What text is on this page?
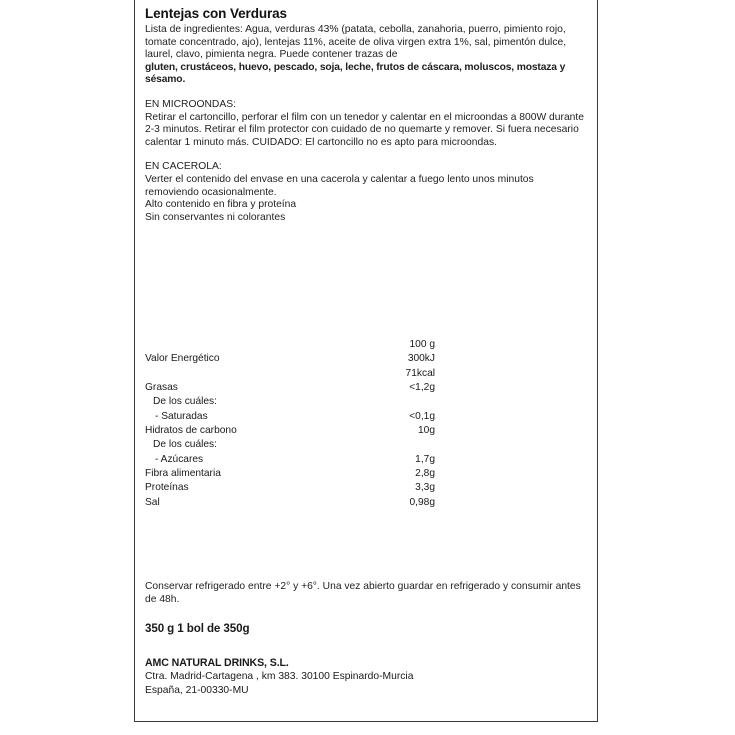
Lentejas con Verduras
Lista de ingredientes: Agua, verduras 43% (patata, cebolla, zanahoria, puerro, pimiento rojo, tomate concentrado, ajo), lentejas 11%, aceite de oliva virgen extra 1%, sal, pimentón dulce, laurel, clavo, pimienta negra. Puede contener trazas de
gluten, crustáceos, huevo, pescado, soja, leche, frutos de cáscara, moluscos, mostaza y sésamo.
EN MICROONDAS:
Retirar el cartoncillo, perforar el film con un tenedor y calentar en el microondas a 800W durante 2-3 minutos. Retirar el film protector con cuidado de no quemarte y remover. Si fuera necesario calentar 1 minuto más. CUIDADO: El cartoncillo no es apto para microondas.
EN CACEROLA:
Verter el contenido del envase en una cacerola y calentar a fuego lento unos minutos removiendo ocasionalmente.
Alto contenido en fibra y proteína
Sin conservantes ni colorantes
100 g
Valor Energético	300kJ
71kcal
Grasas	<1,2g
De los cuáles:
- Saturadas	<0,1g
Hidratos de carbono	10g
De los cuáles:
- Azúcares	1,7g
Fibra alimentaria	2,8g
Proteínas	3,3g
Sal	0,98g
Conservar refrigerado entre +2° y +6°. Una vez abierto guardar en refrigerado y consumir antes de 48h.
350 g 1 bol de 350g
AMC NATURAL DRINKS, S.L.
Ctra. Madrid-Cartagena , km 383. 30100 Espinardo-Murcia
España, 21-00330-MU
